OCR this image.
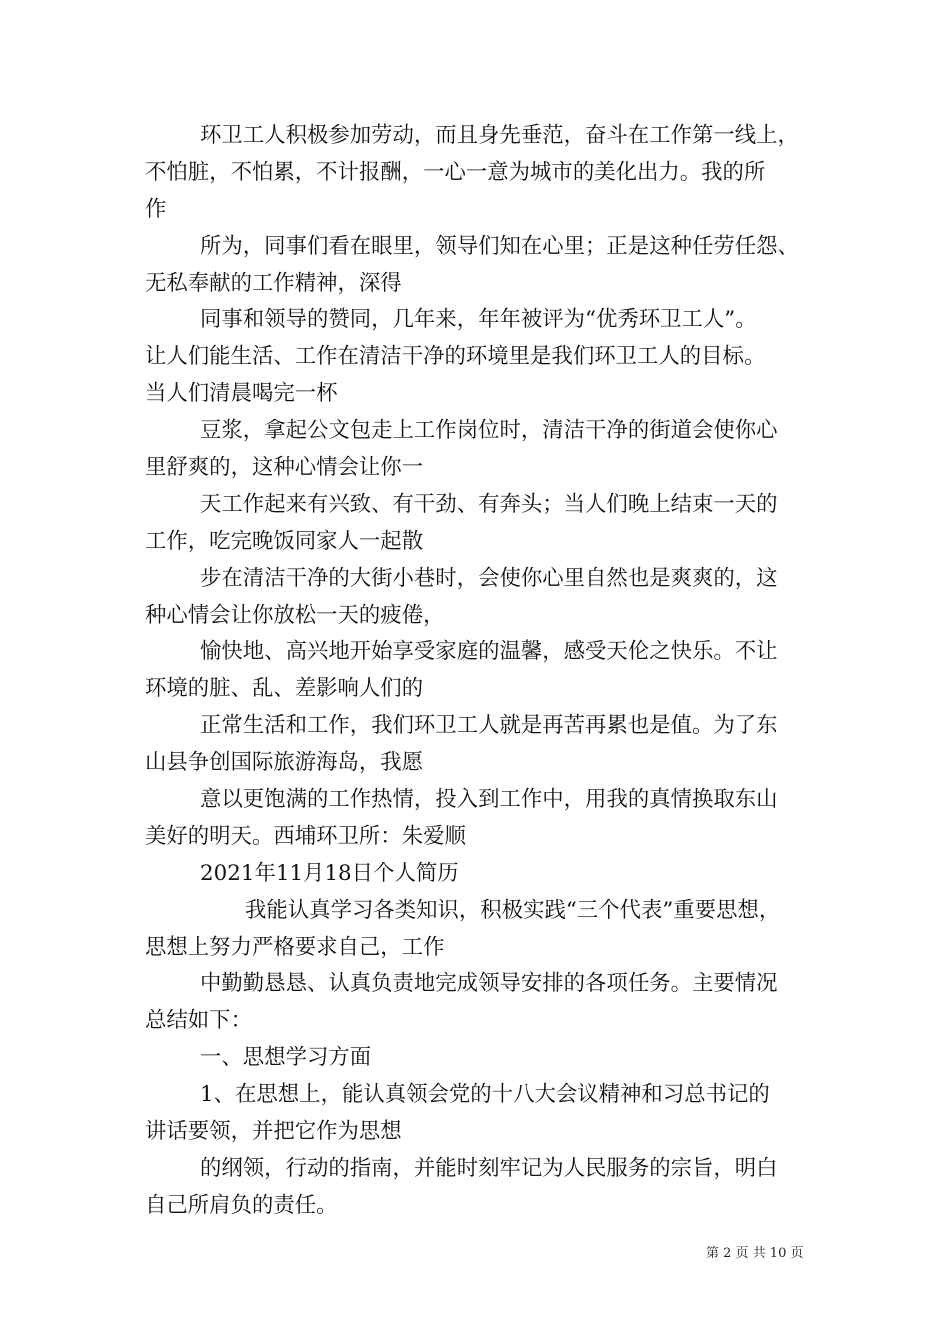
环卫工人积极参加劳动，而且身先垂范，奋斗在工作第一线上，
不怕脏，不怕累，不计报酬，一心一意为城市的美化出力。我的所
作
所为，同事们看在眼里，领导们知在心里；正是这种任劳任怨、
无私奉献的工作精神，深得
同事和领导的赞同，几年来，年年被评为“优秀环卫工人”。
让人们能生活、工作在清洁干净的环境里是我们环卫工人的目标。
当人们清晨喝完一杯
豆浆，拿起公文包走上工作岗位时，清洁干净的街道会使你心
里舒爽的，这种心情会让你一
天工作起来有兴致、有干劲、有奔头；当人们晚上结束一天的
工作，吃完晚饭同家人一起散
步在清洁干净的大街小巷时，会使你心里自然也是爽爽的，这
种心情会让你放松一天的疲倦，
愉快地、高兴地开始享受家庭的温馨，感受天伦之快乐。不让
环境的脏、乱、差影响人们的
正常生活和工作，我们环卫工人就是再苦再累也是值。为了东
山县争创国际旅游海岛，我愿
意以更饱满的工作热情，投入到工作中，用我的真情换取东山
美好的明天。西埔环卫所：朱爱顺
2021年11月18日个人简历
我能认真学习各类知识，积极实践“三个代表”重要思想，
思想上努力严格要求自己，工作
中勤勤恳恳、认真负责地完成领导安排的各项任务。主要情况
总结如下：
一、思想学习方面
1、在思想上，能认真领会党的十八大会议精神和习总书记的
讲话要领，并把它作为思想
的纲领，行动的指南，并能时刻牢记为人民服务的宗旨，明白
自己所肩负的责任。
第 2 页 共 10 页
